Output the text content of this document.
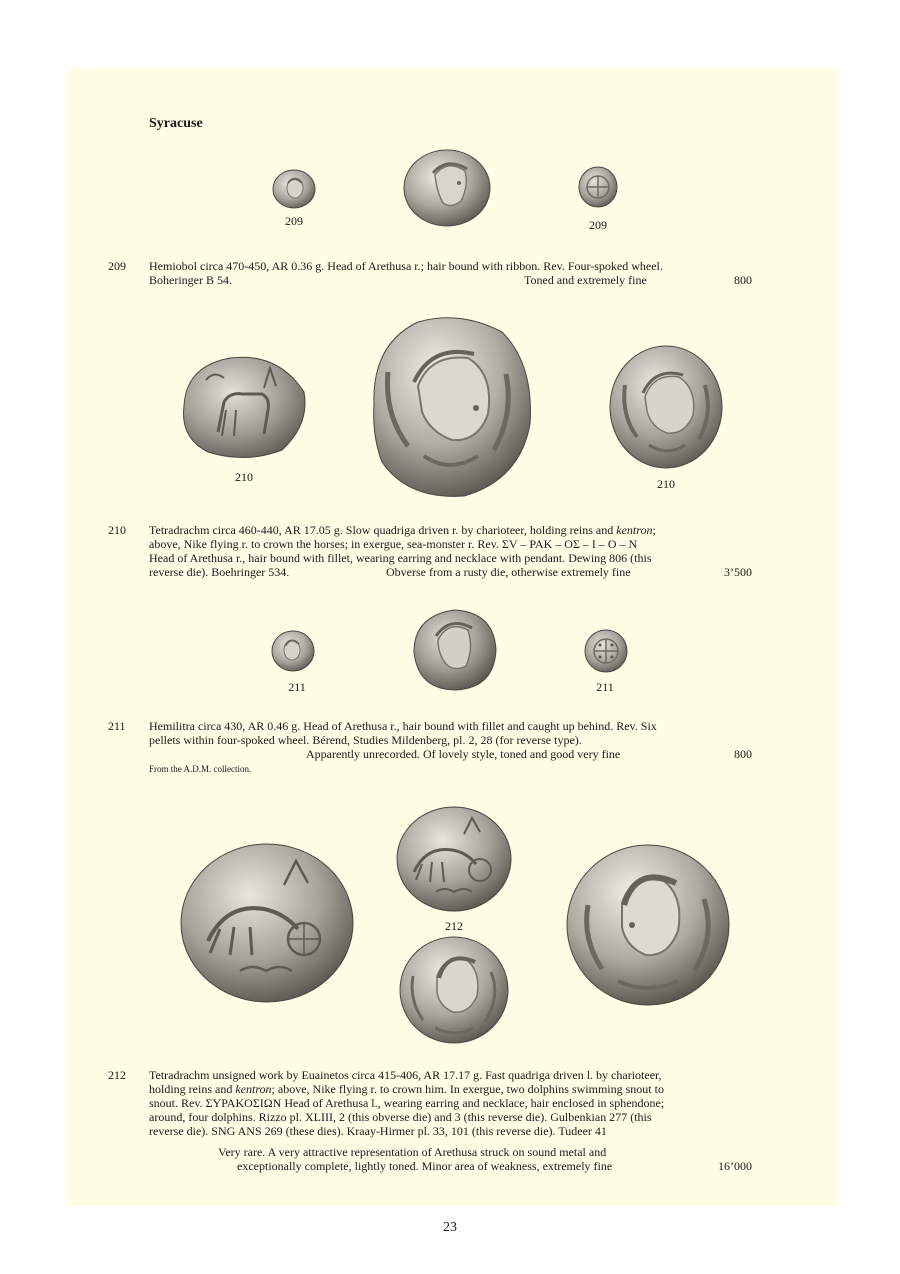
Syracuse
209	209
209 Hemiobol circa 470-450, AR 0.36 g. Head of Arethusa r.; hair bound with ribbon. Rev. Four-spoked wheel.
Boheringer B 54.	Toned and extremely fine	800
210	210
210 Tetradrachm circa 460-440, AR 17.05 g. Slow quadriga driven r. by charioteer, holding reins and kentron;
above, Nike flying r. to crown the horses; in exergue, sea-monster r. Rev. ΣV – PAK – OΣ – I – O – N
Head of Arethusa r., hair bound with fillet, wearing earring and necklace with pendant. Dewing 806 (this
reverse die). Boehringer 534.	Obverse from a rusty die, otherwise extremely fine	3’500
211	211
211 Hemilitra circa 430, AR 0.46 g. Head of Arethusa r., hair bound with fillet and caught up behind. Rev. Six
pellets within four-spoked wheel. Bérend, Studies Mildenberg, pl. 2, 28 (for reverse type).
Apparently unrecorded. Of lovely style, toned and good very fine	800
From the A.D.M. collection.
212
212 Tetradrachm unsigned work by Euainetos circa 415-406, AR 17.17 g. Fast quadriga driven l. by charioteer,
holding reins and kentron; above, Nike flying r. to crown him. In exergue, two dolphins swimming snout to
snout. Rev. ΣYPAKOΣIΩN Head of Arethusa l., wearing earring and necklace, hair enclosed in sphendone;
around, four dolphins. Rizzo pl. XLIII, 2 (this obverse die) and 3 (this reverse die). Gulbenkian 277 (this
reverse die). SNG ANS 269 (these dies). Kraay-Hirmer pl. 33, 101 (this reverse die). Tudeer 41
Very rare. A very attractive representation of Arethusa struck on sound metal and
exceptionally complete, lightly toned. Minor area of weakness, extremely fine	16’000
23
